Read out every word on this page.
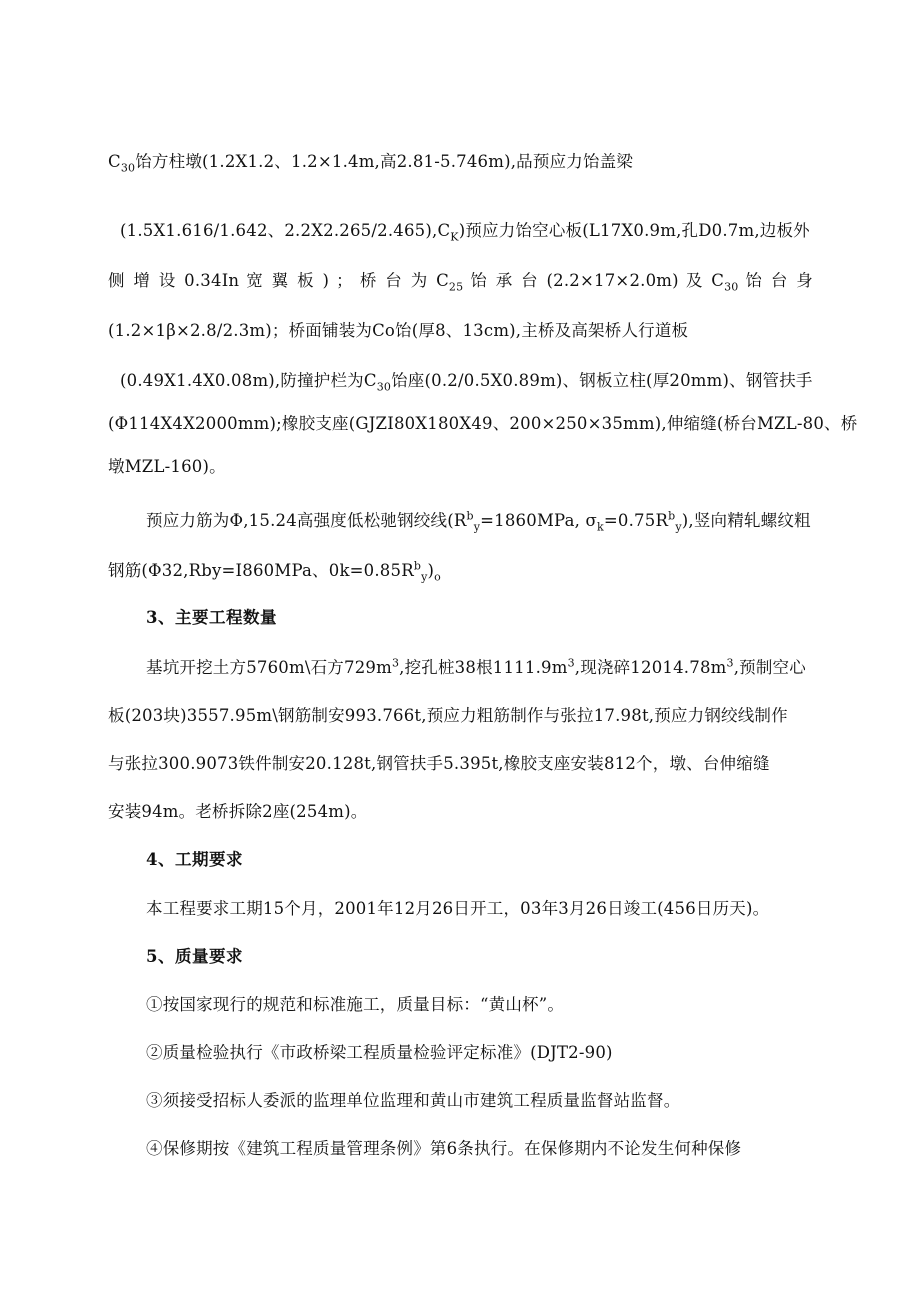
$C_{30}$饴方柱墩(1.2X1.2、1.2×1.4m,高2.81-5.746m),品预应力饴盖梁
(1.5X1.616/1.642、$2.2X2.265/2.465),C_K$)预应力饴空心板(L17X0.9m,孔D0.7m,边板外
侧 增 设 0.34In 宽 翼 板 ) ； 桥 台 为 $C_{25}$ 饴 承 台 (2.2×17×2.0m) 及 $C_{30}$ 饴 台 身
(1.2×1β×2.8/2.3m)；桥面铺装为Co饴(厚8、13cm),主桥及高架桥人行道板
(0.49X1.4X0.08m),防撞护栏为$C_{30}$饴座(0.2/0.5X0.89m)、钢板立柱(厚20mm)、钢管扶手
(Φ114X4X2000mm);橡胶支座(GJZI80X180X49、200×250×35mm),伸缩缝(桥台MZL-80、桥
墩MZL-160)。
预应力筋为Φ,15.24高强度低松驰钢绞线($R^b_y=1860MPa$, $\sigma_k=0.75R^b_y$),竖向精轧螺纹粗
钢筋(Φ32,Rby=I860MPa、$0k=0.85R^b_y)_o$
3、主要工程数量
基坑开挖土方5760m\石方$729m^3$,挖孔桩38根$1111.9m^3$,现浇碎$12014.78m^3$,预制空心
板(203块)3557.95m\钢筋制安993.766t,预应力粗筋制作与张拉17.98t,预应力钢绞线制作
与张拉300.9073铁件制安20.128t,钢管扶手5.395t,橡胶支座安装812个，墩、台伸缩缝
安装94m。老桥拆除2座(254m)。
4、工期要求
本工程要求工期15个月，2001年12月26日开工，03年3月26日竣工(456日历天)。
5、质量要求
①按国家现行的规范和标准施工，质量目标：“黄山杯”。
②质量检验执行《市政桥梁工程质量检验评定标准》(DJT2-90)
③须接受招标人委派的监理单位监理和黄山市建筑工程质量监督站监督。
④保修期按《建筑工程质量管理条例》第6条执行。在保修期内不论发生何种保修
